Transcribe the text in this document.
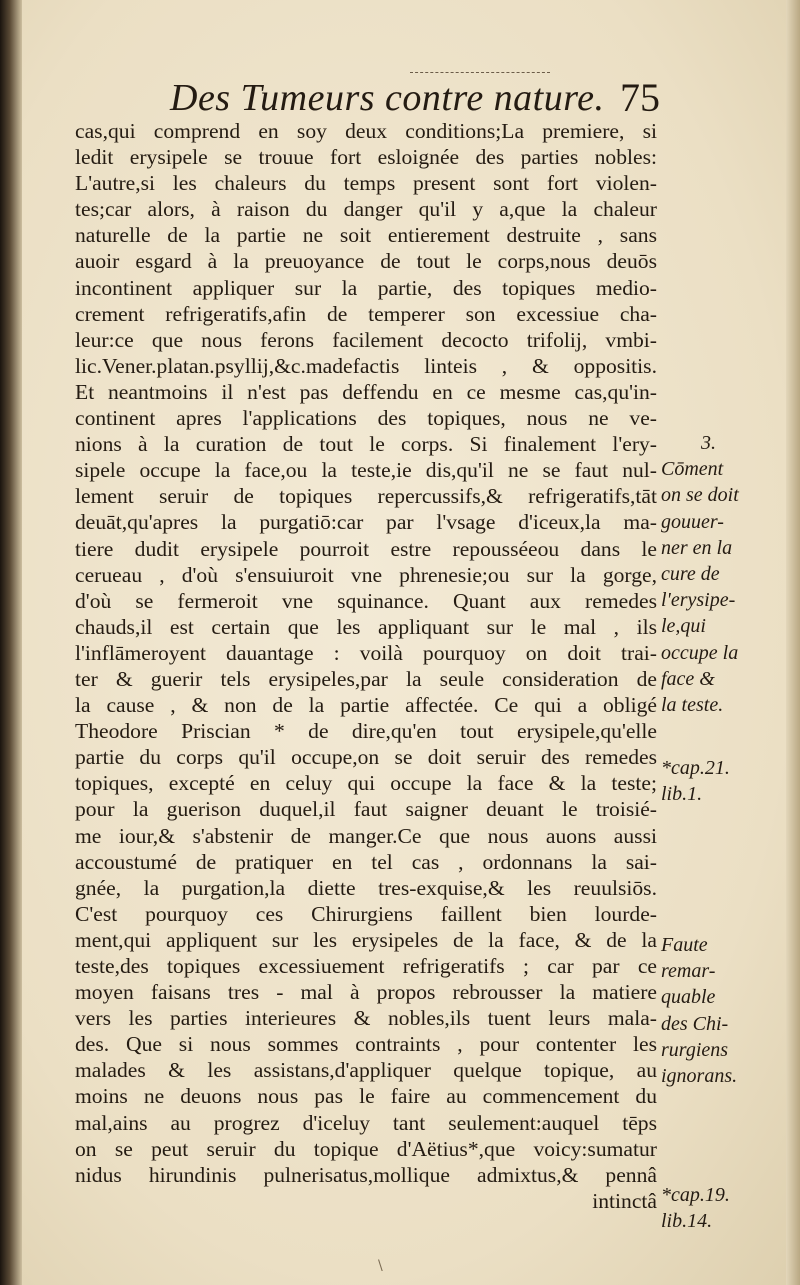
Des Tumeurs contre nature. 75
cas,qui comprend en soy deux conditions;La premiere, si
ledit erysipele se trouue fort esloignée des parties nobles:
L'autre,si les chaleurs du temps present sont fort violen-
tes;car alors, à raison du danger qu'il y a,que la chaleur
naturelle de la partie ne soit entierement destruite , sans
auoir esgard à la preuoyance de tout le corps,nous deuōs
incontinent appliquer sur la partie, des topiques medio-
crement refrigeratifs,afin de temperer son excessiue cha-
leur:ce que nous ferons facilement decocto trifolij, vmbi-
lic.Vener.platan.psyllij,&c.madefactis linteis , & oppositis.
Et neantmoins il n'est pas deffendu en ce mesme cas,qu'in-
continent apres l'applications des topiques, nous ne ve-
nions à la curation de tout le corps. Si finalement l'ery-
sipele occupe la face,ou la teste,ie dis,qu'il ne se faut nul-
lement seruir de topiques repercussifs,& refrigeratifs,tāt
deuāt,qu'apres la purgatiō:car par l'vsage d'iceux,la ma-
tiere dudit erysipele pourroit estre repousséeou dans le
cerueau , d'où s'ensuiuroit vne phrenesie;ou sur la gorge,
d'où se fermeroit vne squinance. Quant aux remedes
chauds,il est certain que les appliquant sur le mal , ils
l'inflāmeroyent dauantage : voilà pourquoy on doit trai-
ter & guerir tels erysipeles,par la seule consideration de
la cause , & non de la partie affectée. Ce qui a obligé
Theodore Priscian * de dire,qu'en tout erysipele,qu'elle
partie du corps qu'il occupe,on se doit seruir des remedes
topiques, excepté en celuy qui occupe la face & la teste;
pour la guerison duquel,il faut saigner deuant le troisié-
me iour,& s'abstenir de manger.Ce que nous auons aussi
accoustumé de pratiquer en tel cas , ordonnans la sai-
gnée, la purgation,la diette tres-exquise,& les reuulsiōs.
C'est pourquoy ces Chirurgiens faillent bien lourde-
ment,qui appliquent sur les erysipeles de la face, & de la
teste,des topiques excessiuement refrigeratifs ; car par ce
moyen faisans tres - mal à propos rebrousser la matiere
vers les parties interieures & nobles,ils tuent leurs mala-
des. Que si nous sommes contraints , pour contenter les
malades & les assistans,d'appliquer quelque topique, au
moins ne deuons nous pas le faire au commencement du
mal,ains au progrez d'iceluy tant seulement:auquel tēps
on se peut seruir du topique d'Aëtius*,que voicy:sumatur
nidus hirundinis pulnerisatus,mollique admixtus,& pennâ
intinctâ
3.
Cōment
on se doit
gouuer-
ner en la
cure de
l'erysipe-
le,qui
occupe la
face &
la teste.
*cap.21.
lib.1.
Faute
remar-
quable
des Chi-
rurgiens
ignorans.
*cap.19.
lib.14.
\
